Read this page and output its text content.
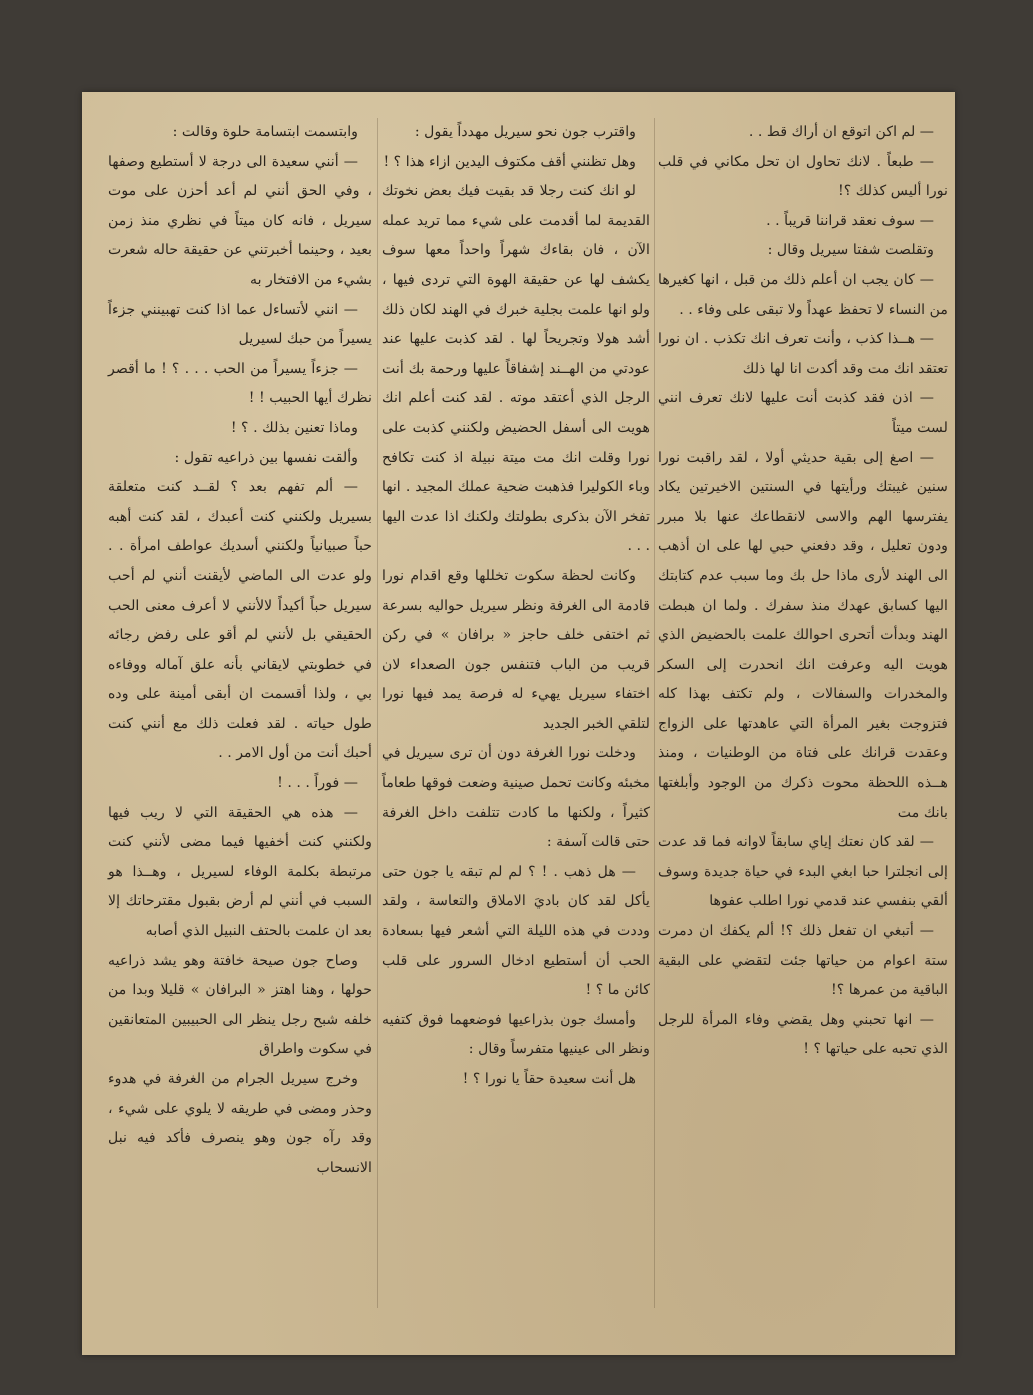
— لم اكن اتوقع ان أراك قط . .

— طبعاً . لانك تحاول ان تحل مكاني في قلب نورا أليس كذلك ؟!

— سوف نعقد قراننا قريباً . .

وتقلصت شفتا سيريل وقال :

— كان يجب ان أعلم ذلك من قبل ، انها كغيرها من النساء لا تحفظ عهداً ولا تبقى على وفاء . .

— هــذا كذب ، وأنت تعرف انك تكذب . ان نورا تعتقد انك مت وقد أكدت انا لها ذلك

— اذن فقد كذبت أنت عليها لانك تعرف انني لست ميتاً

— اصغ إلى بقية حديثي أولا ، لقد راقبت نورا سنين غيبتك ورأيتها في السنتين الاخيرتين يكاد يفترسها الهم والاسى لانقطاعك عنها بلا مبرر ودون تعليل ، وقد دفعني حبي لها على ان أذهب الى الهند لأرى ماذا حل بك وما سبب عدم كتابتك اليها كسابق عهدك منذ سفرك . ولما ان هبطت الهند وبدأت أتحرى احوالك علمت بالحضيض الذي هويت اليه وعرفت انك انحدرت إلى السكر والمخدرات والسفالات ، ولم تكتف بهذا كله فتزوجت بغير المرأة التي عاهدتها على الزواج وعقدت قرانك على فتاة من الوطنيات ، ومنذ هــذه اللحظة محوت ذكرك من الوجود وأبلغتها بانك مت

— لقد كان نعتك إياي سابقاً لاوانه فما قد عدت إلى انجلترا حبا ابغي البدء في حياة جديدة وسوف ألقي بنفسي عند قدمي نورا اطلب عفوها

— أتبغي ان تفعل ذلك ؟! ألم يكفك ان دمرت ستة اعوام من حياتها جئت لتقضي على البقية الباقية من عمرها ؟!

— انها تحبني وهل يقضي وفاء المرأة للرجل الذي تحبه على حياتها ؟ !

واقترب جون نحو سيريل مهدداً يقول :

وهل تظنني أقف مكتوف اليدين ازاء هذا ؟ !

لو انك كنت رجلا قد بقيت فيك بعض نخوتك القديمة لما أقدمت على شيء مما تريد عمله الآن ، فان بقاءك شهراً واحداً معها سوف يكشف لها عن حقيقة الهوة التي تردى فيها ، ولو انها علمت بجلية خبرك في الهند لكان ذلك أشد هولا وتجريحاً لها . لقد كذبت عليها عند عودتي من الهــند إشفاقاً عليها ورحمة بك أنت الرجل الذي أعتقد موته . لقد كنت أعلم انك هويت الى أسفل الحضيض ولكنني كذبت على نورا وقلت انك مت ميتة نبيلة اذ كنت تكافح وباء الكوليرا فذهبت ضحية عملك المجيد . انها تفخر الآن بذكرى بطولتك ولكنك اذا عدت اليها . . .

وكانت لحظة سكوت تخللها وقع اقدام نورا قادمة الى الغرفة ونظر سيريل حواليه بسرعة ثم اختفى خلف حاجز « برافان » في ركن قريب من الباب فتنفس جون الصعداء لان اختفاء سيريل يهيء له فرصة يمد فيها نورا لتلقي الخبر الجديد

ودخلت نورا الغرفة دون أن ترى سيريل في مخبئه وكانت تحمل صينية وضعت فوقها طعاماً كثيراً ، ولكنها ما كادت تتلفت داخل الغرفة حتى قالت آسفة :

— هل ذهب . ! ؟ لم لم تبقه يا جون حتى يأكل لقد كان باديَ الاملاق والتعاسة ، ولقد وددت في هذه الليلة التي أشعر فيها بسعادة الحب أن أستطيع ادخال السرور على قلب كائن ما ؟ !

وأمسك جون بذراعيها فوضعهما فوق كتفيه ونظر الى عينيها متفرساً وقال :

هل أنت سعيدة حقاً يا نورا ؟ !

وابتسمت ابتسامة حلوة وقالت :

— أنني سعيدة الى درجة لا أستطيع وصفها ، وفي الحق أنني لم أعد أحزن على موت سيريل ، فانه كان ميتاً في نظري منذ زمن بعيد ، وحينما أخبرتني عن حقيقة حاله شعرت بشيء من الافتخار به

— انني لأتساءل عما اذا كنت تهبينني جزءاً يسيراً من حبك لسيريل

— جزءاً يسيراً من الحب . . . ؟ ! ما أقصر نظرك أيها الحبيب ! !

وماذا تعنين بذلك . ؟ !

وألقت نفسها بين ذراعيه تقول :

— ألم تفهم بعد ؟ لقــد كنت متعلقة بسيريل ولكنني كنت أعبدك ، لقد كنت أهبه حباً صبيانياً ولكنني أسديك عواطف امرأة . . ولو عدت الى الماضي لأيقنت أنني لم أحب سيريل حباً أكيداً لالأنني لا أعرف معنى الحب الحقيقي بل لأنني لم أقو على رفض رجائه في خطوبتي لايقاني بأنه علق آماله ووفاءه بي ، ولذا أقسمت ان أبقى أمينة على وده طول حياته . لقد فعلت ذلك مع أنني كنت أحبك أنت من أول الامر . .

— فوراً . . . !

— هذه هي الحقيقة التي لا ريب فيها ولكنني كنت أخفيها فيما مضى لأنني كنت مرتبطة بكلمة الوفاء لسيريل ، وهــذا هو السبب في أنني لم أرض بقبول مقترحاتك إلا بعد ان علمت بالحتف النبيل الذي أصابه

وصاح جون صيحة خافتة وهو يشد ذراعيه حولها ، وهنا اهتز « البرافان » قليلا وبدا من خلفه شبح رجل ينظر الى الحبيبين المتعانقين في سكوت واطراق

وخرج سيريل الجرام من الغرفة في هدوء وحذر ومضى في طريقه لا يلوي على شيء ، وقد رآه جون وهو ينصرف فأكد فيه نبل الانسحاب
